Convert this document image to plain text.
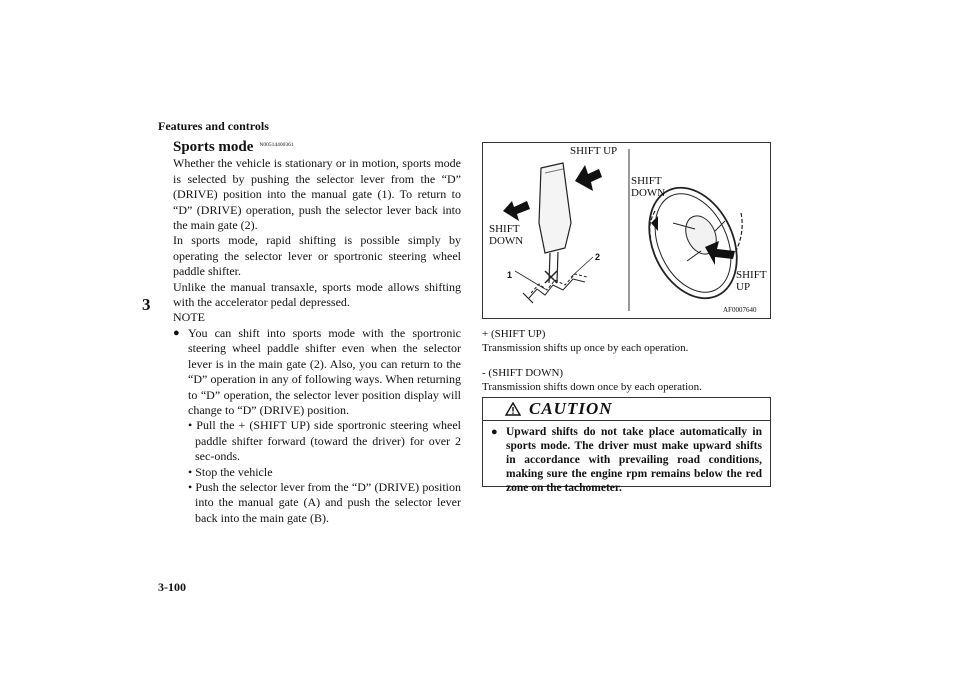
Features and controls
3
3-100
Sports mode N00514400361

Whether the vehicle is stationary or in motion, sports mode is selected by pushing the selector lever from the “D” (DRIVE) position into the manual gate (1). To return to “D” (DRIVE) operation, push the selector lever back into the main gate (2).

In sports mode, rapid shifting is possible simply by operating the selector lever or sportronic steering wheel paddle shifter.

Unlike the manual transaxle, sports mode allows shifting with the accelerator pedal depressed.

NOTE

● You can shift into sports mode with the sportronic steering wheel paddle shifter even when the selector lever is in the main gate (2). Also, you can return to the “D” operation in any of following ways. When returning to “D” operation, the selector lever position display will change to “D” (DRIVE) position.

• Pull the + (SHIFT UP) side sportronic steering wheel paddle shifter forward (toward the driver) for over 2 sec-onds.

• Stop the vehicle

• Push the selector lever from the “D” (DRIVE) position into the manual gate (A) and push the selector lever back into the main gate (B).

SHIFT UP
SHIFT
DOWN
SHIFT
DOWN
SHIFT
UP
1
2
AF0007640

+ (SHIFT UP)

Transmission shifts up once by each operation.

- (SHIFT DOWN)

Transmission shifts down once by each operation.

CAUTION
● Upward shifts do not take place automatically in sports mode. The driver must make upward shifts in accordance with prevailing road conditions, making sure the engine rpm remains below the red zone on the tachometer.
